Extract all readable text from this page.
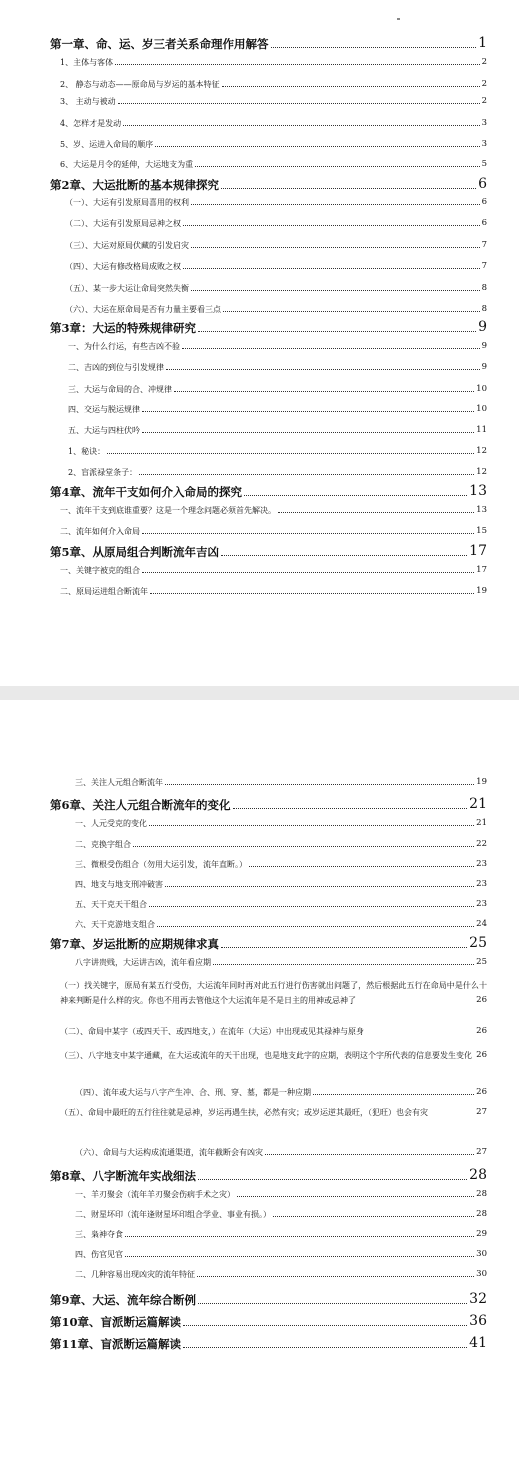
第一章、命、运、岁三者关系命理作用解答	1
1、主体与客体	2
2、 静态与动态——原命局与岁运的基本特征	2
3、 主动与被动	2
4、怎样才是发动	3
5、岁、运进入命局的顺序	3
6、大运是月令的延伸，大运地支为重	5
第2章、大运批断的基本规律探究	6
（一）、大运有引发原局喜用的权利	6
（二）、大运有引发原局忌神之权	6
（三）、大运对原局伏藏的引发启灾	7
（四）、大运有修改格局成败之权	7
（五）、某一步大运让命局突然失衡	8
（六）、大运在原命局是否有力量主要看三点	8
第3章：大运的特殊规律研究	9
一、为什么行运，有些吉凶不验	9
二、吉凶的到位与引发规律	9
三、大运与命局的合、冲规律	10
四、交运与脱运规律	10
五、大运与四柱伏吟	11
1、秘诀：	12
2、盲派禄堂条子：	12
第4章、流年干支如何介入命局的探究	13
一、流年干支到底谁重要？这是一个理念问题必须首先解决。	13
二、流年如何介入命局	15
第5章、从原局组合判断流年吉凶	17
一、关键字被克的组合	17
二、原局运进组合断流年	19
三、关注人元组合断流年	19
第6章、关注人元组合断流年的变化	21
一、人元受克的变化	21
二、克换字组合	22
三、微根受伤组合（勿用大运引发，流年直断。）	23
四、地支与地支刑冲破害	23
五、天干克天干组合	23
六、天干克游地支组合	24
第7章、岁运批断的应期规律求真	25
八字讲贵贱，大运讲吉凶，流年看应期	25
（一）找关键字，原局有某五行受伤，大运流年同时再对此五行进行伤害就出问题了，然后根据此五行在命局中是什么十神来判断是什么样的灾。你也不用再去管他这个大运流年是不是日主的用神或忌神了	26
（二）、命局中某字（或四天干、或四地支，）在流年（大运）中出现或见其禄神与原身	26
（三）、八字地支中某字通藏，在大运或流年的天干出现，也是地支此字的应期，表明这个字所代表的信息要发生变化 26
（四）、流年或大运与八字产生冲、合、刑、穿、墓，都是一种应期	26
（五）、命局中最旺的五行往往就是忌神，岁运再遇生扶，必然有灾；或岁运逆其最旺，（犯旺）也会有灾	27
（六）、命局与大运构成流通渠道，流年截断会有凶灾	27
第8章、八字断流年实战细法	28
一、羊刃聚会（流年羊刃聚会伤病手术之灾）	28
二、财星坏印（流年逢财星坏印组合学业、事业有损。）	28
三、枭神夺食	29
四、伤官见官	30
二、几种容易出现凶灾的流年特征	30
第9章、大运、流年综合断例	32
第10章、盲派断运篇解读	36
第11章、盲派断运篇解读	41
